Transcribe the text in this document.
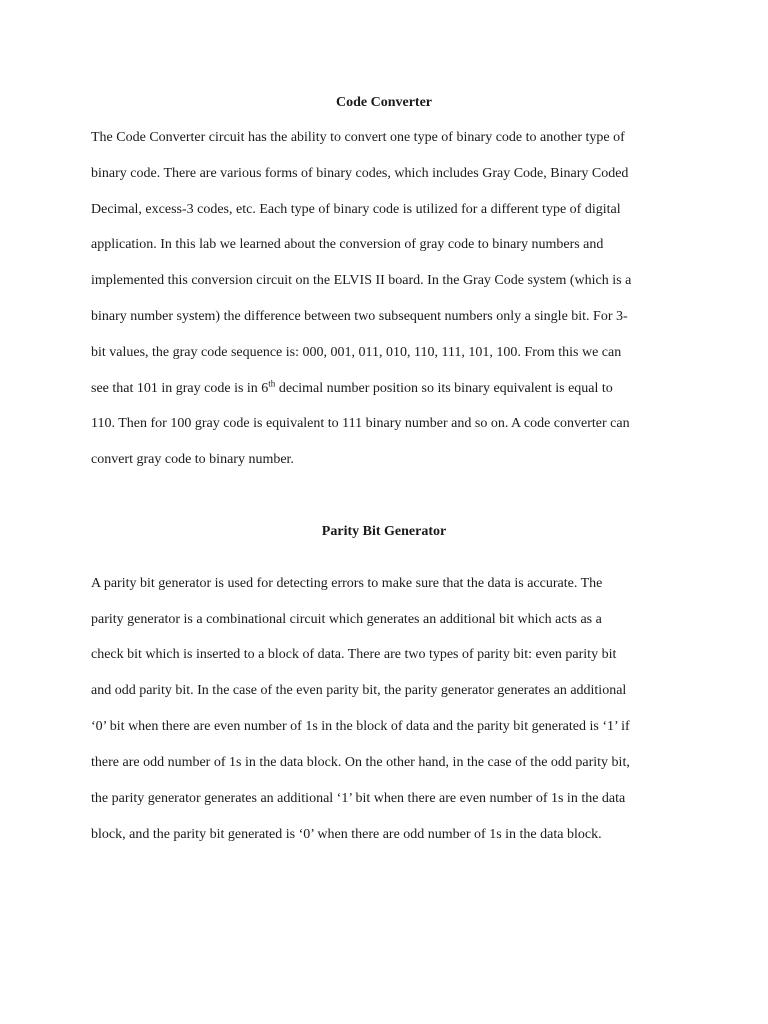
Code Converter

The Code Converter circuit has the ability to convert one type of binary code to another type of

binary code. There are various forms of binary codes, which includes Gray Code, Binary Coded

Decimal, excess-3 codes, etc. Each type of binary code is utilized for a different type of digital

application. In this lab we learned about the conversion of gray code to binary numbers and

implemented this conversion circuit on the ELVIS II board. In the Gray Code system (which is a

binary number system) the difference between two subsequent numbers only a single bit. For 3-

bit values, the gray code sequence is: 000, 001, 011, 010, 110, 111, 101, 100. From this we can

see that 101 in gray code is in 6th decimal number position so its binary equivalent is equal to

110. Then for 100 gray code is equivalent to 111 binary number and so on. A code converter can

convert gray code to binary number.

Parity Bit Generator

A parity bit generator is used for detecting errors to make sure that the data is accurate. The

parity generator is a combinational circuit which generates an additional bit which acts as a

check bit which is inserted to a block of data. There are two types of parity bit: even parity bit

and odd parity bit. In the case of the even parity bit, the parity generator generates an additional

‘0’ bit when there are even number of 1s in the block of data and the parity bit generated is ‘1’ if

there are odd number of 1s in the data block. On the other hand, in the case of the odd parity bit,

the parity generator generates an additional ‘1’ bit when there are even number of 1s in the data

block, and the parity bit generated is ‘0’ when there are odd number of 1s in the data block.
